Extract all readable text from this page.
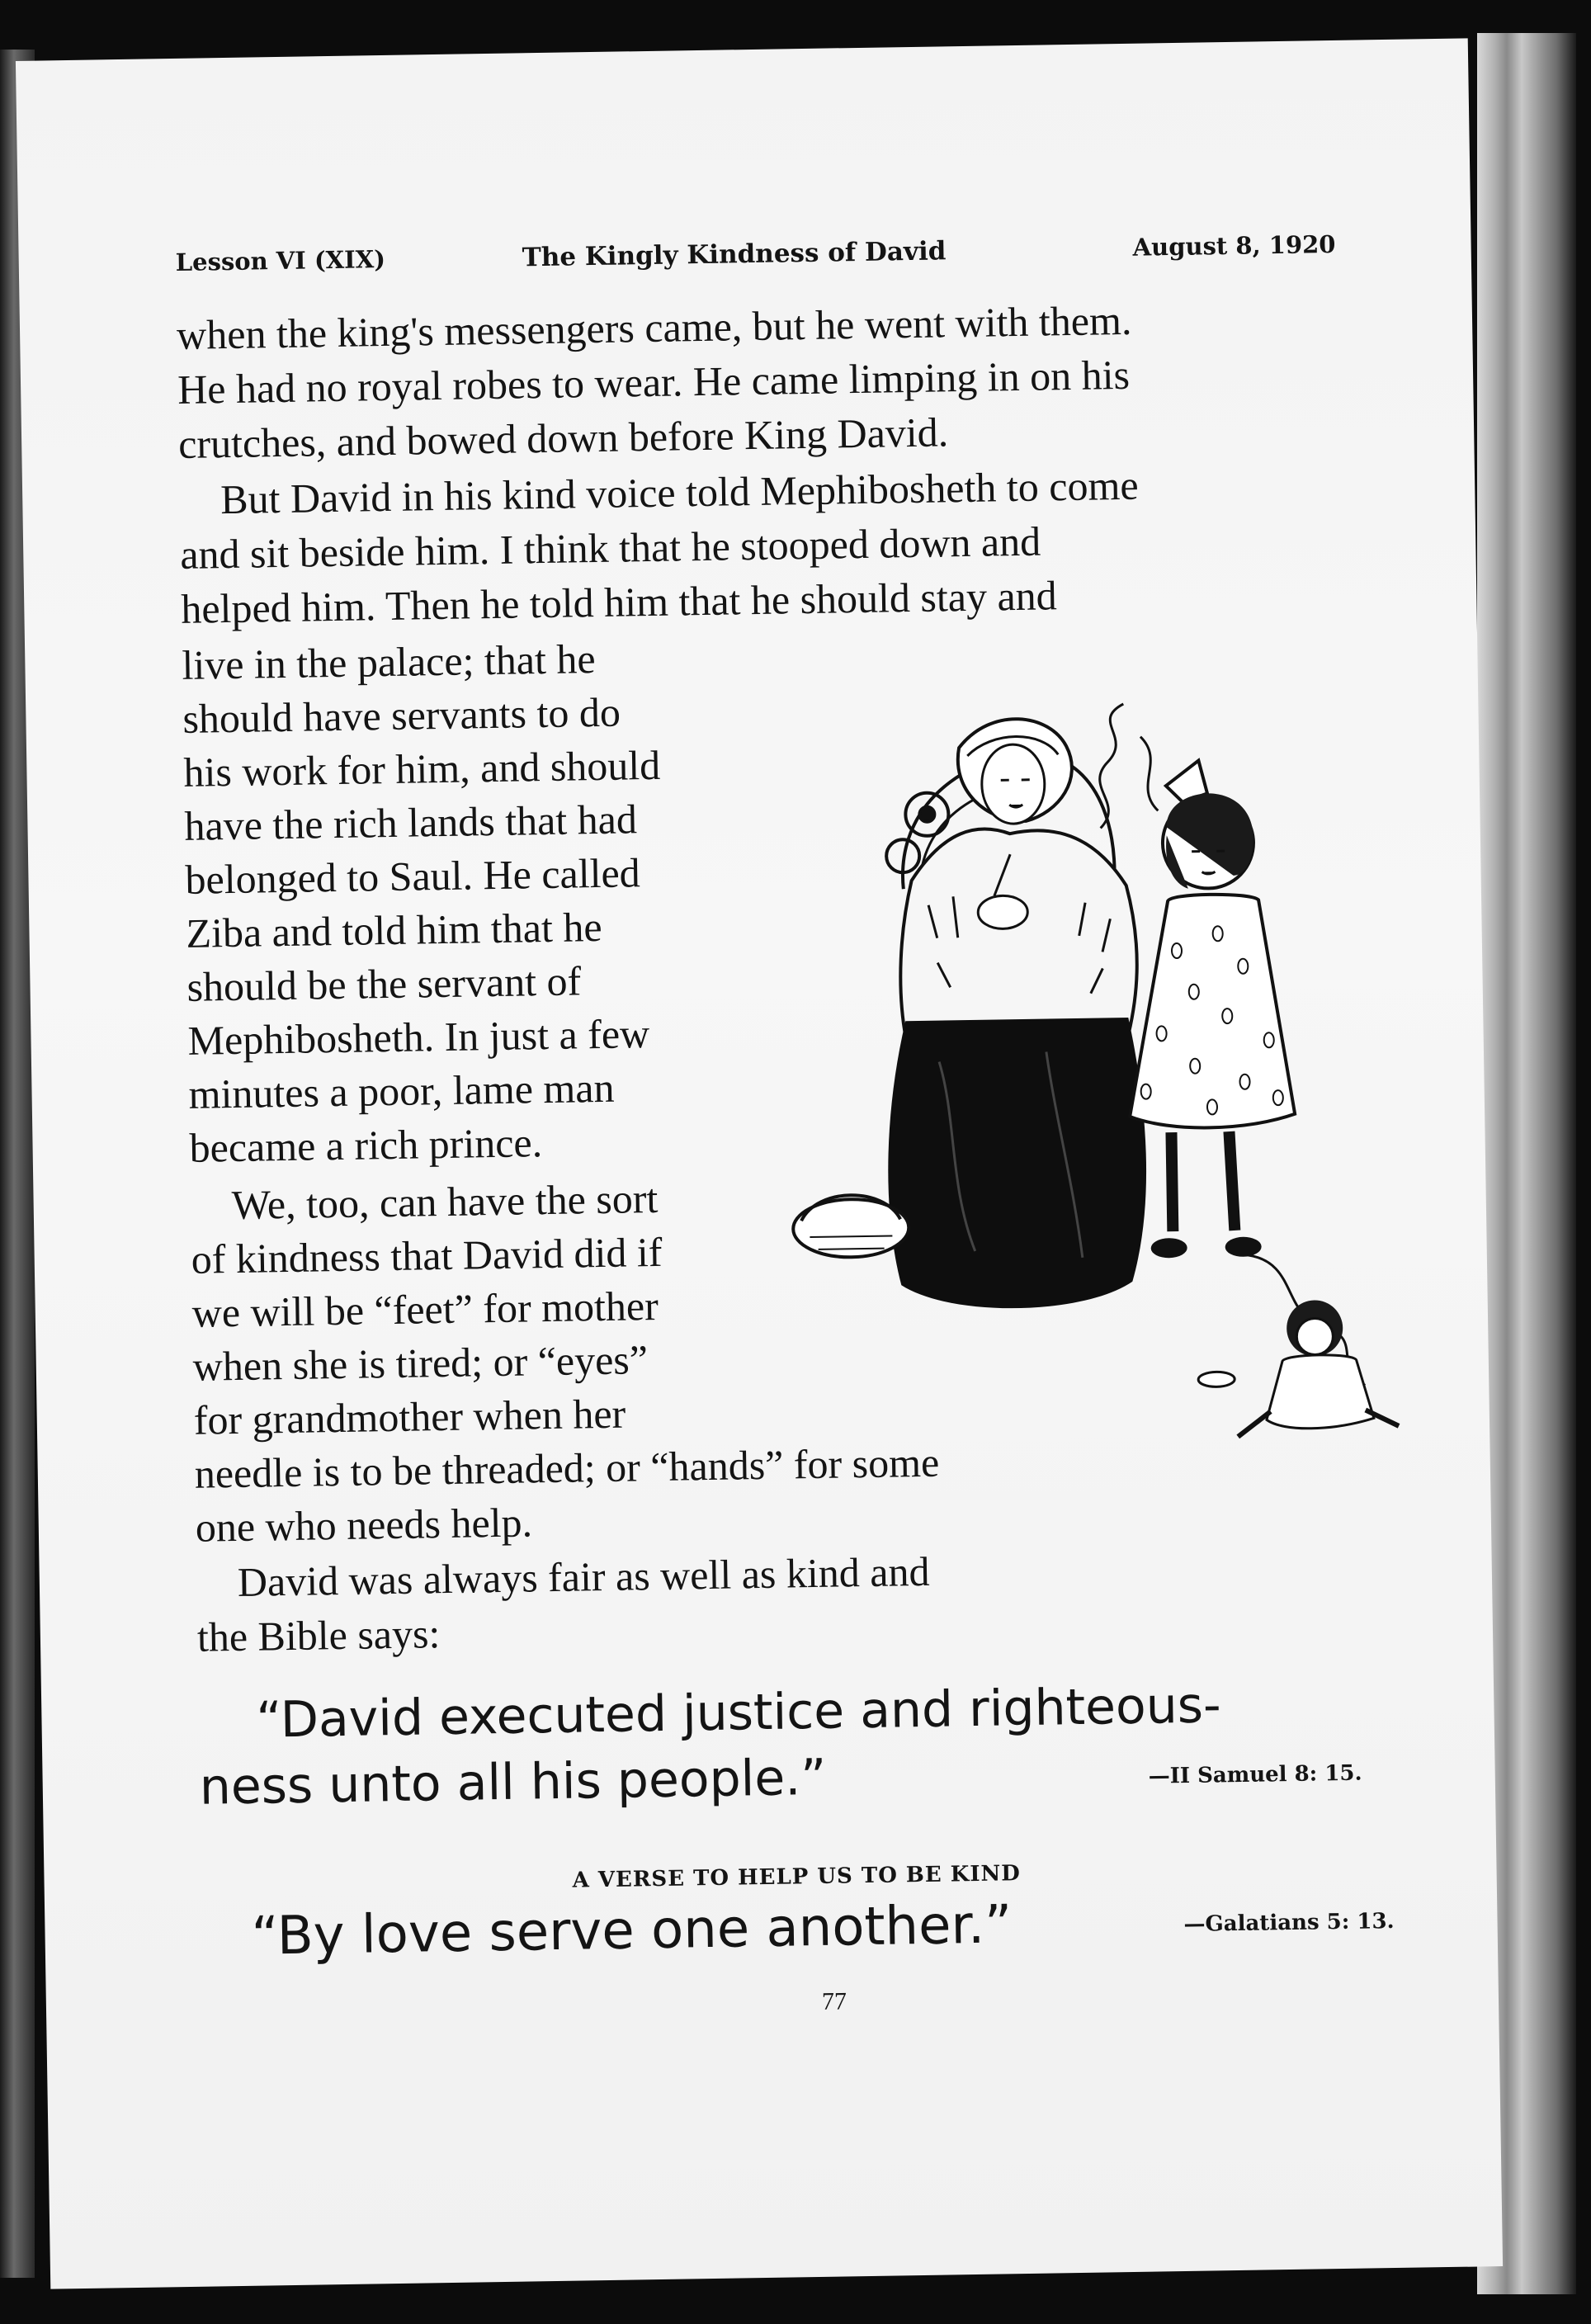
Lesson VI (XIX)	The Kingly Kindness of David	August 8, 1920
when the king's messengers came, but he went with them.
He had no royal robes to wear. He came limping in on his
crutches, and bowed down before King David.
But David in his kind voice told Mephibosheth to come
and sit beside him. I think that he stooped down and
helped him. Then he told him that he should stay and
live in the palace; that he
should have servants to do
his work for him, and should
have the rich lands that had
belonged to Saul. He called
Ziba and told him that he
should be the servant of
Mephibosheth. In just a few
minutes a poor, lame man
became a rich prince.
We, too, can have the sort
of kindness that David did if
we will be “feet” for mother
when she is tired; or “eyes”
for grandmother when her
needle is to be threaded; or “hands” for some
one who needs help.
David was always fair as well as kind and
the Bible says:
“David executed justice and righteous-
ness unto all his people.”	—II Samuel 8: 15.
A VERSE TO HELP US TO BE KIND
“By love serve one another.”	—Galatians 5: 13.
77
